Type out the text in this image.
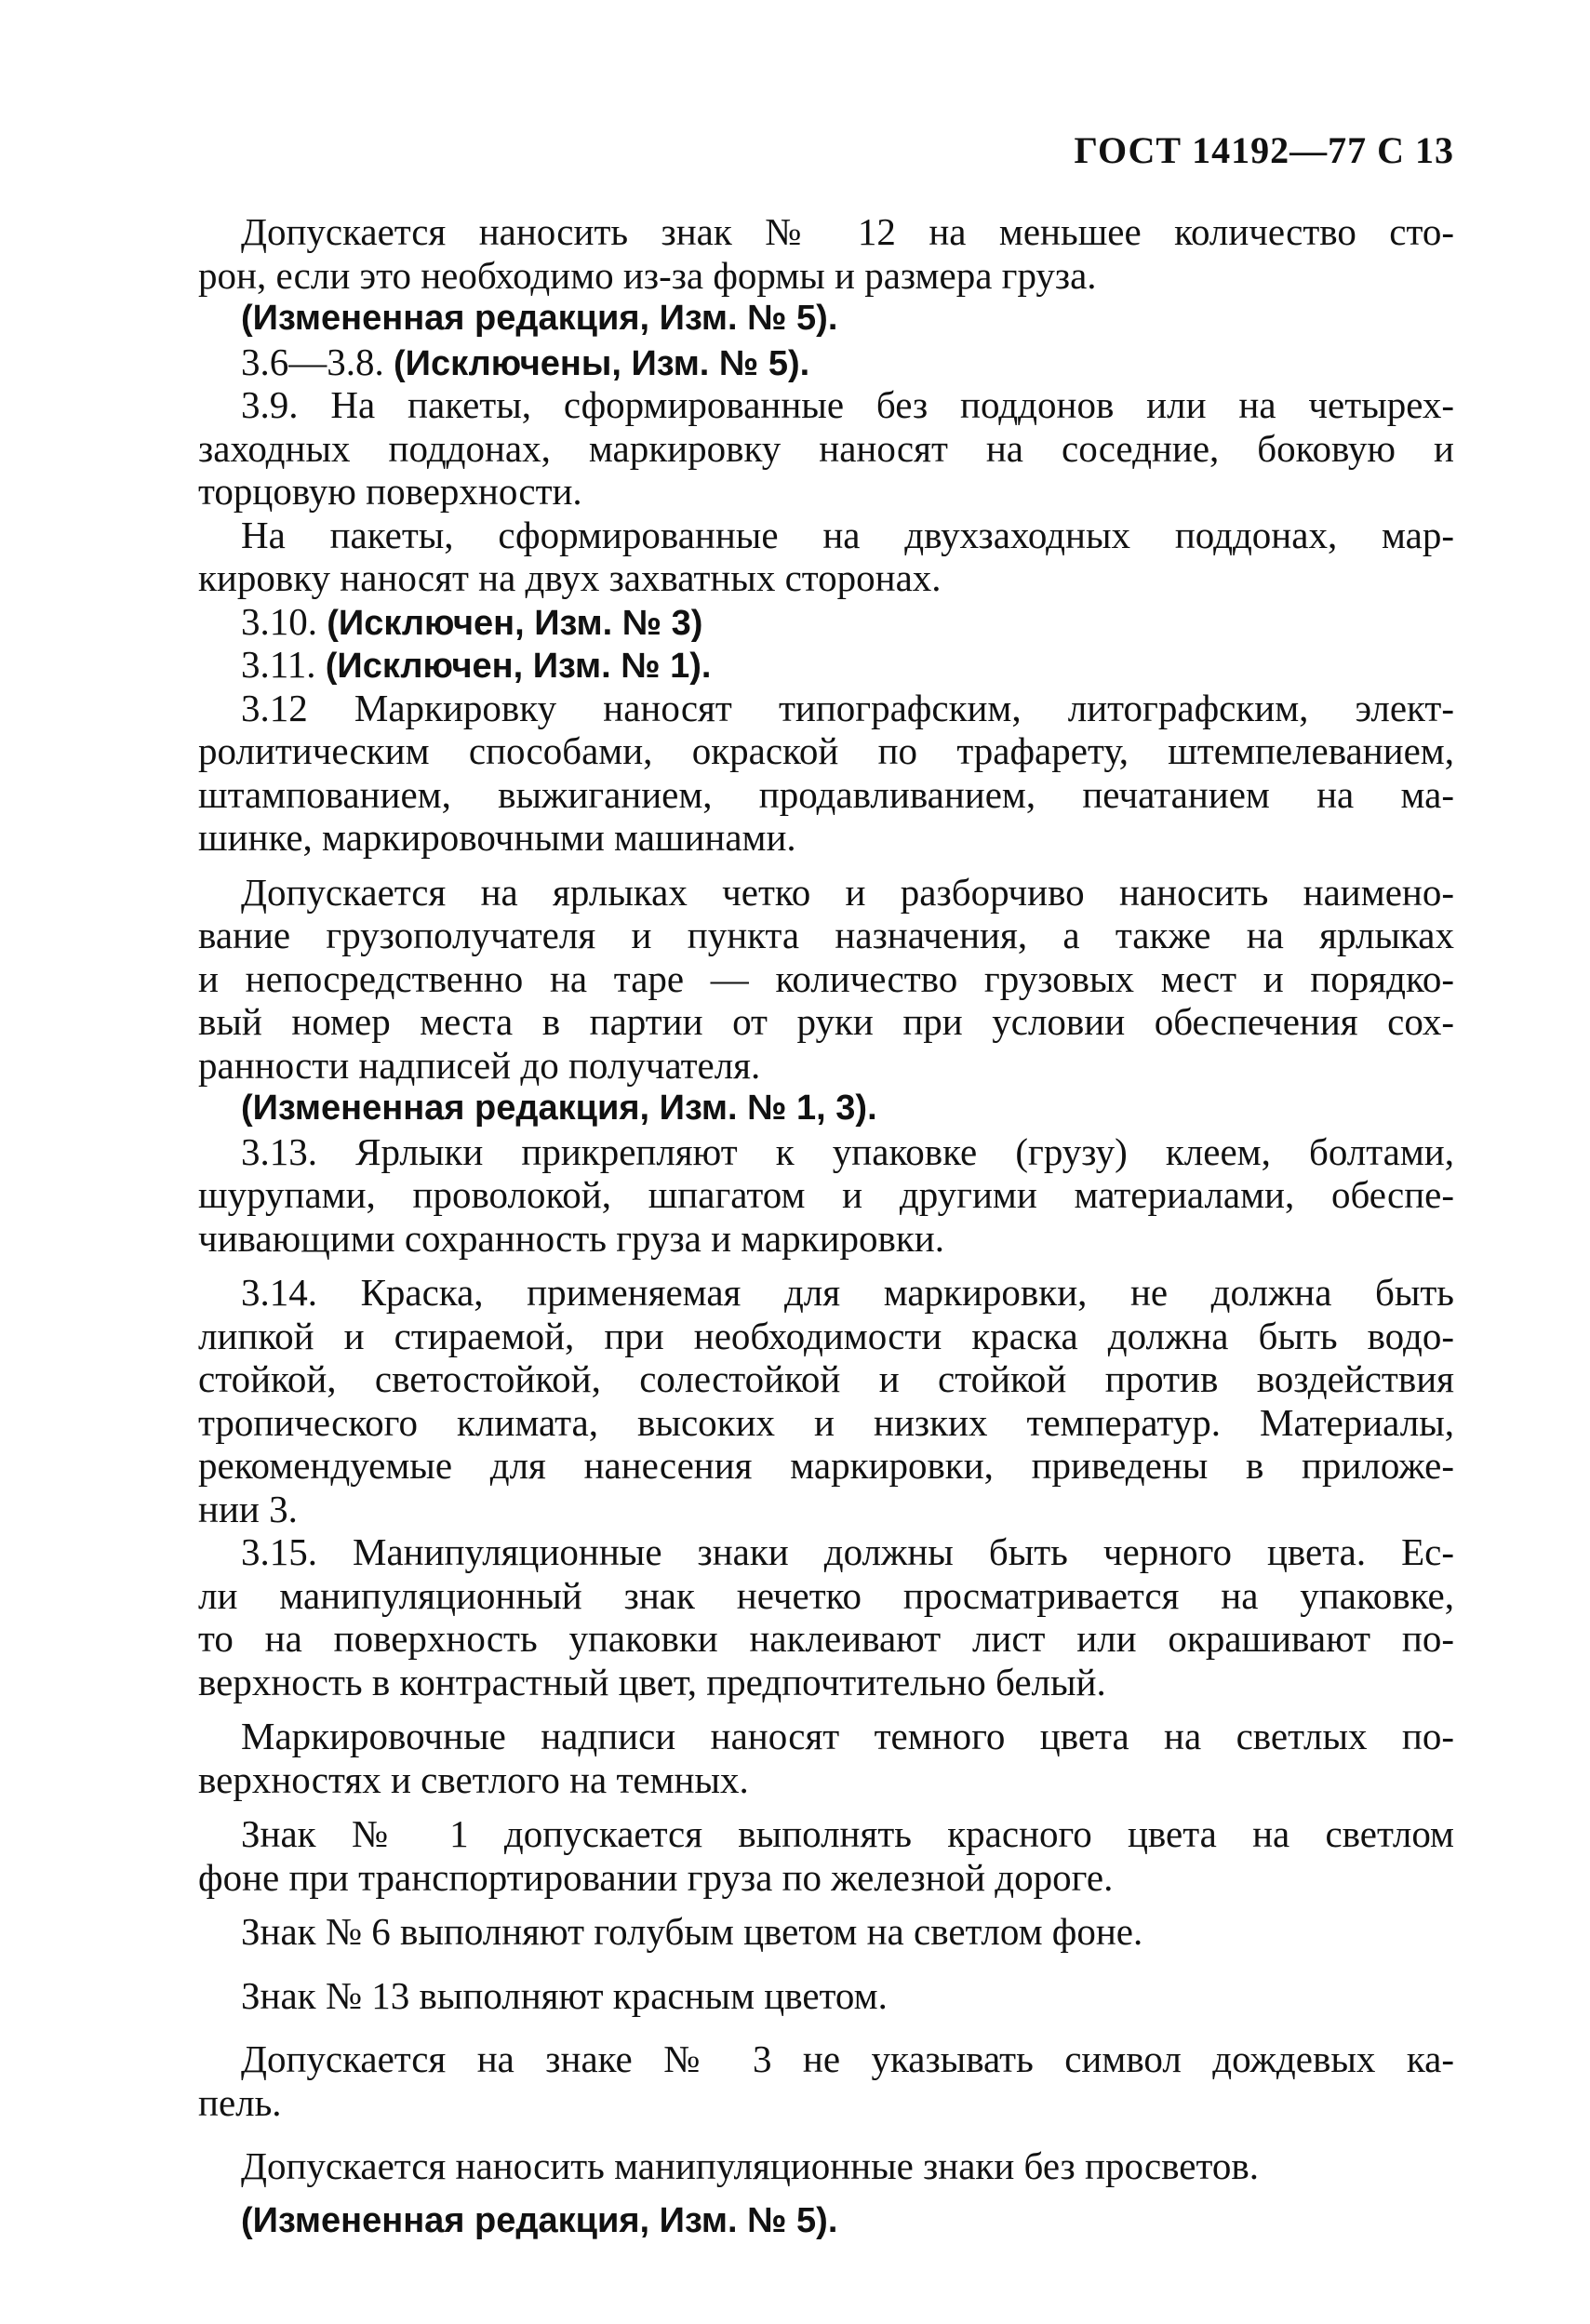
ГОСТ 14192—77 С 13
Допускается наносить знак № 12 на меньшее количество сто-
рон, если это необходимо из-за формы и размера груза.
(Измененная редакция, Изм. № 5).
3.6—3.8. (Исключены, Изм. № 5).
3.9. На пакеты, сформированные без поддонов или на четырех-
заходных поддонах, маркировку наносят на соседние, боковую и
торцовую поверхности.
На пакеты, сформированные на двухзаходных поддонах, мар-
кировку наносят на двух захватных сторонах.
3.10. (Исключен, Изм. № 3)
3.11. (Исключен, Изм. № 1).
3.12 Маркировку наносят типографским, литографским, элект-
ролитическим способами, окраской по трафарету, штемпелеванием,
штампованием, выжиганием, продавливанием, печатанием на ма-
шинке, маркировочными машинами.
Допускается на ярлыках четко и разборчиво наносить наимено-
вание грузополучателя и пункта назначения, а также на ярлыках
и непосредственно на таре — количество грузовых мест и порядко-
вый номер места в партии от руки при условии обеспечения сох-
ранности надписей до получателя.
(Измененная редакция, Изм. № 1, 3).
3.13. Ярлыки прикрепляют к упаковке (грузу) клеем, болтами,
шурупами, проволокой, шпагатом и другими материалами, обеспе-
чивающими сохранность груза и маркировки.
3.14. Краска, применяемая для маркировки, не должна быть
липкой и стираемой, при необходимости краска должна быть водо-
стойкой, светостойкой, солестойкой и стойкой против воздействия
тропического климата, высоких и низких температур. Материалы,
рекомендуемые для нанесения маркировки, приведены в приложе-
нии 3.
3.15. Манипуляционные знаки должны быть черного цвета. Ес-
ли манипуляционный знак нечетко просматривается на упаковке,
то на поверхность упаковки наклеивают лист или окрашивают по-
верхность в контрастный цвет, предпочтительно белый.
Маркировочные надписи наносят темного цвета на светлых по-
верхностях и светлого на темных.
Знак № 1 допускается выполнять красного цвета на светлом
фоне при транспортировании груза по железной дороге.
Знак № 6 выполняют голубым цветом на светлом фоне.
Знак № 13 выполняют красным цветом.
Допускается на знаке № 3 не указывать символ дождевых ка-
пель.
Допускается наносить манипуляционные знаки без просветов.
(Измененная редакция, Изм. № 5).
